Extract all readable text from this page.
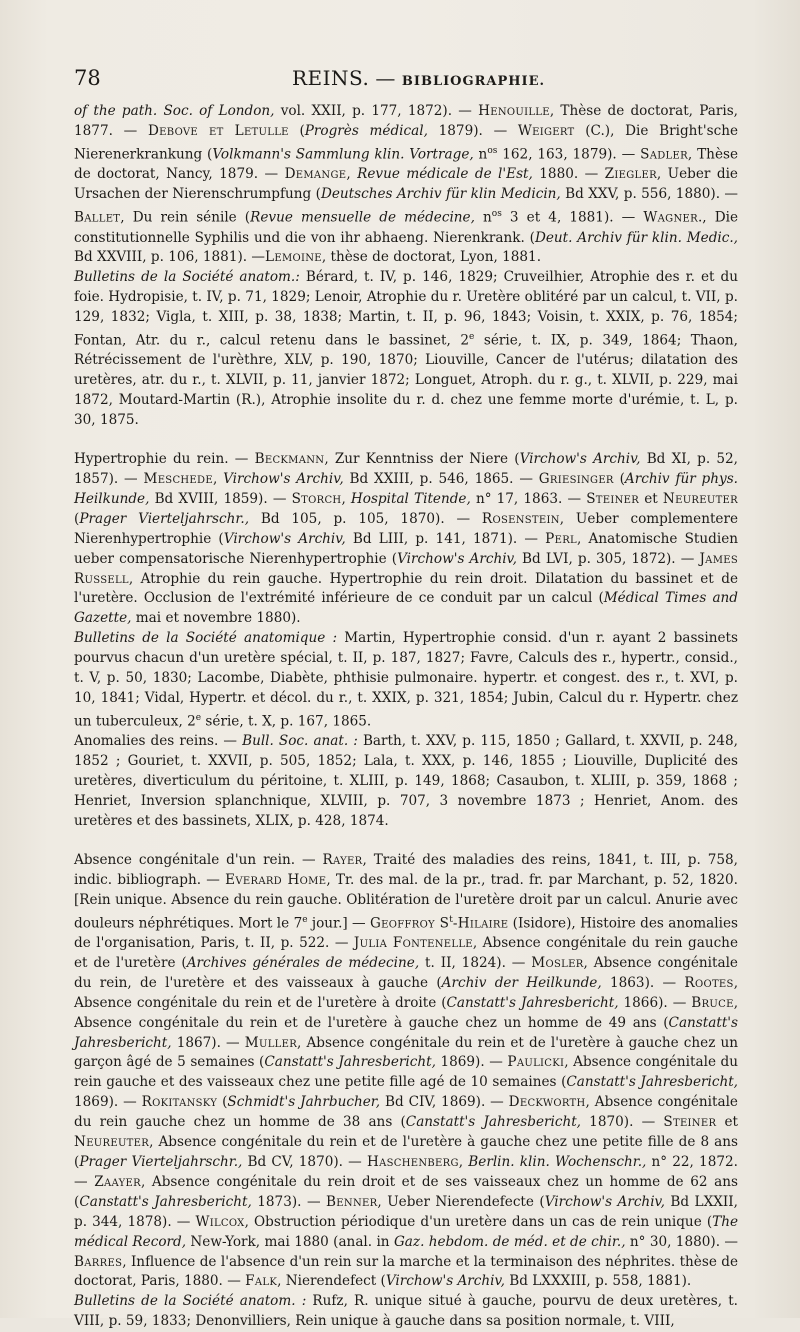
78	REINS. — BIBLIOGRAPHIE.

of the path. Soc. of London, vol. XXII, p. 177, 1872). — Henouille, Thèse de doctorat, Paris, 1877. — Debove et Letulle (Progrès médical, 1879). — Weigert (C.), Die Bright'sche Nierenerkrankung (Volkmann's Sammlung klin. Vortrage, $n^{os}$ 162, 163, 1879). — Sadler, Thèse de doctorat, Nancy, 1879. — Demange, Revue médicale de l'Est, 1880. — Ziegler, Ueber die Ursachen der Nierenschrumpfung (Deutsches Archiv für klin Medicin, Bd XXV, p. 556, 1880). — Ballet, Du rein sénile (Revue mensuelle de médecine, $n^{os}$ 3 et 4, 1881). — Wagner., Die constitutionnelle Syphilis und die von ihr abhaeng. Nierenkrank. (Deut. Archiv für klin. Medic., Bd XXVIII, p. 106, 1881). —Lemoine, thèse de doctorat, Lyon, 1881.

Bulletins de la Société anatom.: Bérard, t. IV, p. 146, 1829; Cruveilhier, Atrophie des r. et du foie. Hydropisie, t. IV, p. 71, 1829; Lenoir, Atrophie du r. Uretère oblitéré par un calcul, t. VII, p. 129, 1832; Vigla, t. XIII, p. 38, 1838; Martin, t. II, p. 96, 1843; Voisin, t. XXIX, p. 76, 1854; Fontan, Atr. du r., calcul retenu dans le bassinet, 2e série, t. IX, p. 349, 1864; Thaon, Rétrécissement de l'urèthre, XLV, p. 190, 1870; Liouville, Cancer de l'utérus; dilatation des uretères, atr. du r., t. XLVII, p. 11, janvier 1872; Longuet, Atroph. du r. g., t. XLVII, p. 229, mai 1872, Moutard-Martin (R.), Atrophie insolite du r. d. chez une femme morte d'urémie, t. L, p. 30, 1875.

Hypertrophie du rein. — Beckmann, Zur Kenntniss der Niere (Virchow's Archiv, Bd XI, p. 52, 1857). — Meschede, Virchow's Archiv, Bd XXIII, p. 546, 1865. — Griesinger (Archiv für phys. Heilkunde, Bd XVIII, 1859). — Storch, Hospital Titende, n° 17, 1863. — Steiner et Neureuter (Prager Vierteljahrschr., Bd 105, p. 105, 1870). — Rosenstein, Ueber complementere Nierenhypertrophie (Virchow's Archiv, Bd LIII, p. 141, 1871). — Perl, Anatomische Studien ueber compensatorische Nierenhypertrophie (Virchow's Archiv, Bd LVI, p. 305, 1872). — James Russell, Atrophie du rein gauche. Hypertrophie du rein droit. Dilatation du bassinet et de l'uretère. Occlusion de l'extrémité inférieure de ce conduit par un calcul (Médical Times and Gazette, mai et novembre 1880).

Bulletins de la Société anatomique : Martin, Hypertrophie consid. d'un r. ayant 2 bassinets pourvus chacun d'un uretère spécial, t. II, p. 187, 1827; Favre, Calculs des r., hypertr., consid., t. V, p. 50, 1830; Lacombe, Diabète, phthisie pulmonaire. hypertr. et congest. des r., t. XVI, p. 10, 1841; Vidal, Hypertr. et décol. du r., t. XXIX, p. 321, 1854; Jubin, Calcul du r. Hypertr. chez un tuberculeux, 2e série, t. X, p. 167, 1865.

Anomalies des reins. — Bull. Soc. anat. : Barth, t. XXV, p. 115, 1850 ; Gallard, t. XXVII, p. 248, 1852 ; Gouriet, t. XXVII, p. 505, 1852; Lala, t. XXX, p. 146, 1855 ; Liouville, Duplicité des uretères, diverticulum du péritoine, t. XLIII, p. 149, 1868; Casaubon, t. XLIII, p. 359, 1868 ; Henriet, Inversion splanchnique, XLVIII, p. 707, 3 novembre 1873 ; Henriet, Anom. des uretères et des bassinets, XLIX, p. 428, 1874.

Absence congénitale d'un rein. — Rayer, Traité des maladies des reins, 1841, t. III, p. 758, indic. bibliograph. — Everard Home, Tr. des mal. de la pr., trad. fr. par Marchant, p. 52, 1820. [Rein unique. Absence du rein gauche. Oblitération de l'uretère droit par un calcul. Anurie avec douleurs néphrétiques. Mort le 7e jour.] — Geoffroy $S^t$-Hilaire (Isidore), Histoire des anomalies de l'organisation, Paris, t. II, p. 522. — Julia Fontenelle, Absence congénitale du rein gauche et de l'uretère (Archives générales de médecine, t. II, 1824). — Mosler, Absence congénitale du rein, de l'uretère et des vaisseaux à gauche (Archiv der Heilkunde, 1863). — Rootes, Absence congénitale du rein et de l'uretère à droite (Canstatt's Jahresbericht, 1866). — Bruce, Absence congénitale du rein et de l'uretère à gauche chez un homme de 49 ans (Canstatt's Jahresbericht, 1867). — Muller, Absence congénitale du rein et de l'uretère à gauche chez un garçon âgé de 5 semaines (Canstatt's Jahresbericht, 1869). — Paulicki, Absence congénitale du rein gauche et des vaisseaux chez une petite fille agé de 10 semaines (Canstatt's Jahresbericht, 1869). — Rokitansky (Schmidt's Jahrbucher, Bd CIV, 1869). — Deckworth, Absence congénitale du rein gauche chez un homme de 38 ans (Canstatt's Jahresbericht, 1870). — Steiner et Neureuter, Absence congénitale du rein et de l'uretère à gauche chez une petite fille de 8 ans (Prager Vierteljahrschr., Bd CV, 1870). — Haschenberg, Berlin. klin. Wochenschr., n° 22, 1872. — Zaayer, Absence congénitale du rein droit et de ses vaisseaux chez un homme de 62 ans (Canstatt's Jahresbericht, 1873). — Benner, Ueber Nierendefecte (Virchow's Archiv, Bd LXXII, p. 344, 1878). — Wilcox, Obstruction périodique d'un uretère dans un cas de rein unique (The médical Record, New-York, mai 1880 (anal. in Gaz. hebdom. de méd. et de chir., n° 30, 1880). — Barres, Influence de l'absence d'un rein sur la marche et la terminaison des néphrites. thèse de doctorat, Paris, 1880. — Falk, Nierendefect (Virchow's Archiv, Bd LXXXIII, p. 558, 1881).

Bulletins de la Société anatom. : Rufz, R. unique situé à gauche, pourvu de deux uretères, t. VIII, p. 59, 1833; Denonvilliers, Rein unique à gauche dans sa position normale, t. VIII,
